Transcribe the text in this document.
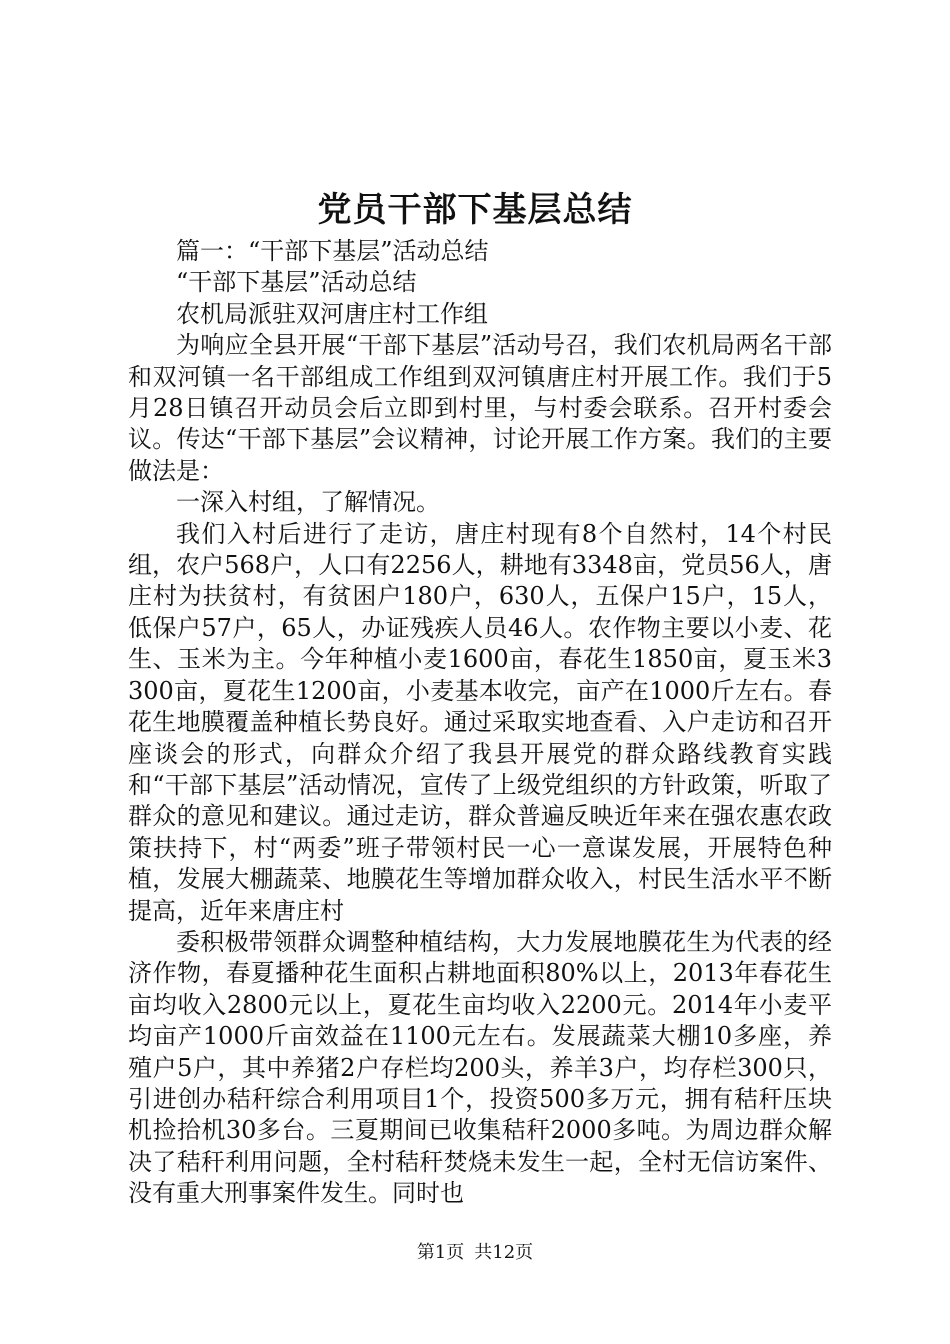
党员干部下基层总结

篇一：“干部下基层”活动总结

“干部下基层”活动总结

农机局派驻双河唐庄村工作组

为响应全县开展“干部下基层”活动号召，我们农机局两名干部和双河镇一名干部组成工作组到双河镇唐庄村开展工作。我们于5月28日镇召开动员会后立即到村里，与村委会联系。召开村委会议。传达“干部下基层”会议精神，讨论开展工作方案。我们的主要做法是：

一深入村组，了解情况。

我们入村后进行了走访，唐庄村现有8个自然村，14个村民组，农户568户，人口有2256人，耕地有3348亩，党员56人，唐庄村为扶贫村，有贫困户180户，630人，五保户15户，15人，低保户57户，65人，办证残疾人员46人。农作物主要以小麦、花生、玉米为主。今年种植小麦1600亩，春花生1850亩，夏玉米3300亩，夏花生1200亩，小麦基本收完，亩产在1000斤左右。春花生地膜覆盖种植长势良好。通过采取实地查看、入户走访和召开座谈会的形式，向群众介绍了我县开展党的群众路线教育实践和“干部下基层”活动情况，宣传了上级党组织的方针政策，听取了群众的意见和建议。通过走访，群众普遍反映近年来在强农惠农政策扶持下，村“两委”班子带领村民一心一意谋发展，开展特色种植，发展大棚蔬菜、地膜花生等增加群众收入，村民生活水平不断提高，近年来唐庄村

委积极带领群众调整种植结构，大力发展地膜花生为代表的经济作物，春夏播种花生面积占耕地面积80%以上，2013年春花生亩均收入2800元以上，夏花生亩均收入2200元。2014年小麦平均亩产1000斤亩效益在1100元左右。发展蔬菜大棚10多座，养殖户5户，其中养猪2户存栏均200头，养羊3户，均存栏300只，引进创办秸秆综合利用项目1个，投资500多万元，拥有秸秆压块机捡拾机30多台。三夏期间已收集秸秆2000多吨。为周边群众解决了秸秆利用问题，全村秸秆焚烧未发生一起，全村无信访案件、没有重大刑事案件发生。同时也

第1页 共12页
